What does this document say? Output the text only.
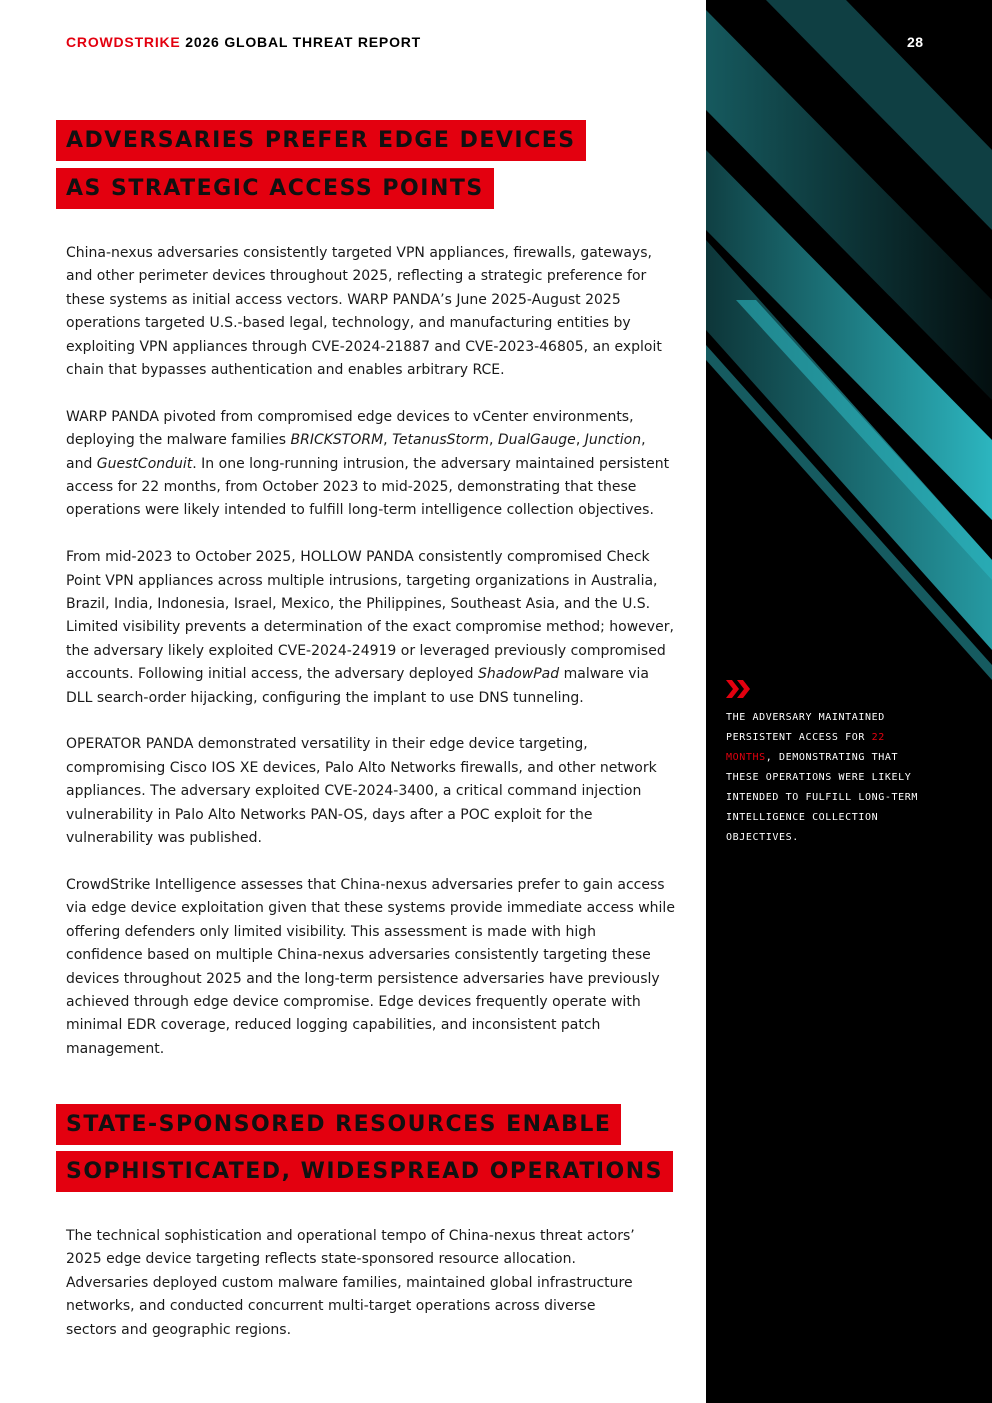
CROWDSTRIKE 2026 GLOBAL THREAT REPORT
ADVERSARIES PREFER EDGE DEVICES
AS STRATEGIC ACCESS POINTS

China-nexus adversaries consistently targeted VPN appliances, firewalls, gateways, and other perimeter devices throughout 2025, reflecting a strategic preference for these systems as initial access vectors. WARP PANDA’s June 2025-August 2025 operations targeted U.S.-based legal, technology, and manufacturing entities by exploiting VPN appliances through CVE-2024-21887 and CVE-2023-46805, an exploit chain that bypasses authentication and enables arbitrary RCE.

WARP PANDA pivoted from compromised edge devices to vCenter environments, deploying the malware families BRICKSTORM, TetanusStorm, DualGauge, Junction, and GuestConduit. In one long-running intrusion, the adversary maintained persistent access for 22 months, from October 2023 to mid-2025, demonstrating that these operations were likely intended to fulfill long-term intelligence collection objectives.

From mid-2023 to October 2025, HOLLOW PANDA consistently compromised Check Point VPN appliances across multiple intrusions, targeting organizations in Australia, Brazil, India, Indonesia, Israel, Mexico, the Philippines, Southeast Asia, and the U.S. Limited visibility prevents a determination of the exact compromise method; however, the adversary likely exploited CVE-2024-24919 or leveraged previously compromised accounts. Following initial access, the adversary deployed ShadowPad malware via DLL search-order hijacking, configuring the implant to use DNS tunneling.

OPERATOR PANDA demonstrated versatility in their edge device targeting, compromising Cisco IOS XE devices, Palo Alto Networks firewalls, and other network appliances. The adversary exploited CVE-2024-3400, a critical command injection vulnerability in Palo Alto Networks PAN-OS, days after a POC exploit for the vulnerability was published.

CrowdStrike Intelligence assesses that China-nexus adversaries prefer to gain access via edge device exploitation given that these systems provide immediate access while offering defenders only limited visibility. This assessment is made with high confidence based on multiple China-nexus adversaries consistently targeting these devices throughout 2025 and the long-term persistence adversaries have previously achieved through edge device compromise. Edge devices frequently operate with minimal EDR coverage, reduced logging capabilities, and inconsistent patch management.

STATE-SPONSORED RESOURCES ENABLE
SOPHISTICATED, WIDESPREAD OPERATIONS

The technical sophistication and operational tempo of China-nexus threat actors’ 2025 edge device targeting reflects state-sponsored resource allocation. Adversaries deployed custom malware families, maintained global infrastructure networks, and conducted concurrent multi-target operations across diverse sectors and geographic regions.

28
THE ADVERSARY MAINTAINED PERSISTENT ACCESS FOR 22 MONTHS, DEMONSTRATING THAT THESE OPERATIONS WERE LIKELY INTENDED TO FULFILL LONG-TERM INTELLIGENCE COLLECTION OBJECTIVES.
